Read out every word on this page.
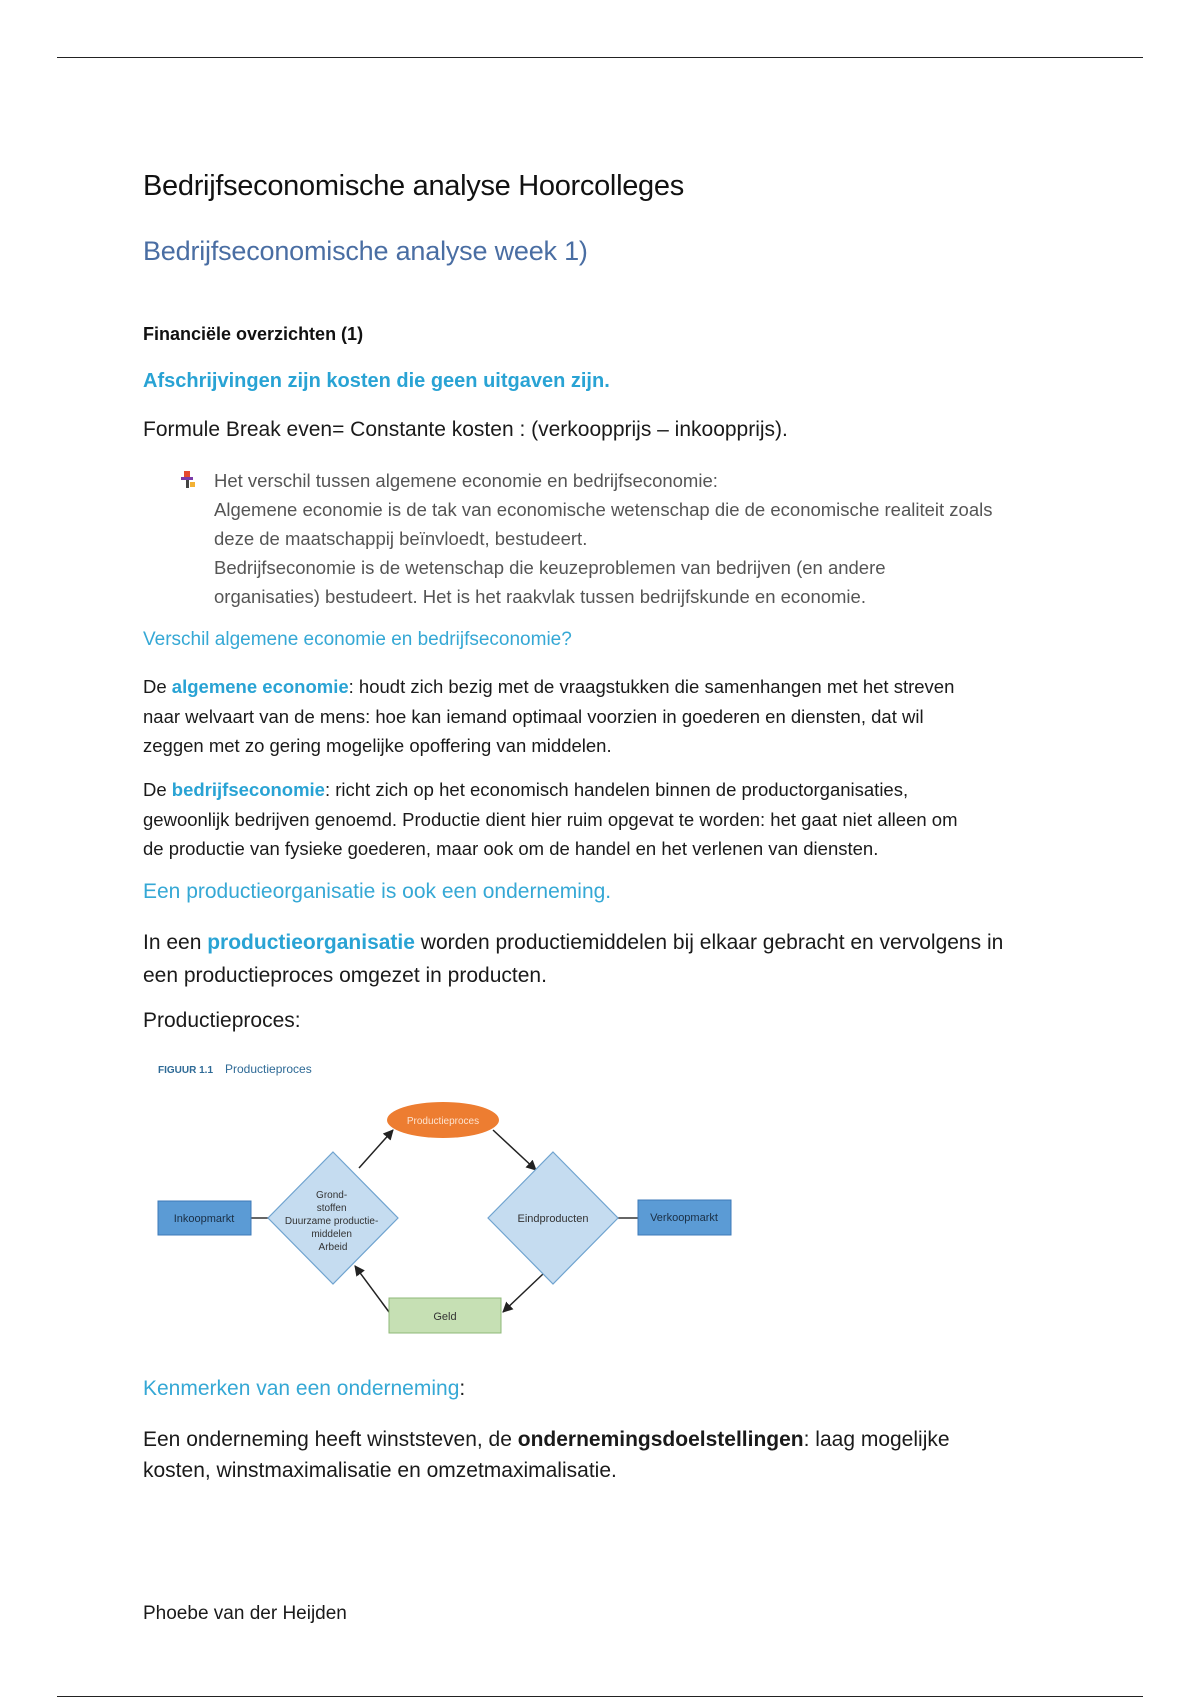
Bedrijfseconomische analyse Hoorcolleges
Bedrijfseconomische analyse week 1)
Financiële overzichten (1)
Afschrijvingen zijn kosten die geen uitgaven zijn.
Formule Break even= Constante kosten : (verkoopprijs – inkoopprijs).
Het verschil tussen algemene economie en bedrijfseconomie:
Algemene economie is de tak van economische wetenschap die de economische realiteit zoals
deze de maatschappij beïnvloedt, bestudeert.
Bedrijfseconomie is de wetenschap die keuzeproblemen van bedrijven (en andere
organisaties) bestudeert. Het is het raakvlak tussen bedrijfskunde en economie.
Verschil algemene economie en bedrijfseconomie?
De algemene economie: houdt zich bezig met de vraagstukken die samenhangen met het streven
naar welvaart van de mens: hoe kan iemand optimaal voorzien in goederen en diensten, dat wil
zeggen met zo gering mogelijke opoffering van middelen.
De bedrijfseconomie: richt zich op het economisch handelen binnen de productorganisaties,
gewoonlijk bedrijven genoemd. Productie dient hier ruim opgevat te worden: het gaat niet alleen om
de productie van fysieke goederen, maar ook om de handel en het verlenen van diensten.
Een productieorganisatie is ook een onderneming.
In een productieorganisatie worden productiemiddelen bij elkaar gebracht en vervolgens in
een productieproces omgezet in producten.
Productieproces:
FIGUUR 1.1 Productieproces
Inkoopmarkt
Grond- stoffen Duurzame productie- middelen Arbeid
Productieproces
Eindproducten	Verkoopmarkt
Geld
Kenmerken van een onderneming:
Een onderneming heeft winststeven, de ondernemingsdoelstellingen: laag mogelijke
kosten, winstmaximalisatie en omzetmaximalisatie.
Phoebe van der Heijden
